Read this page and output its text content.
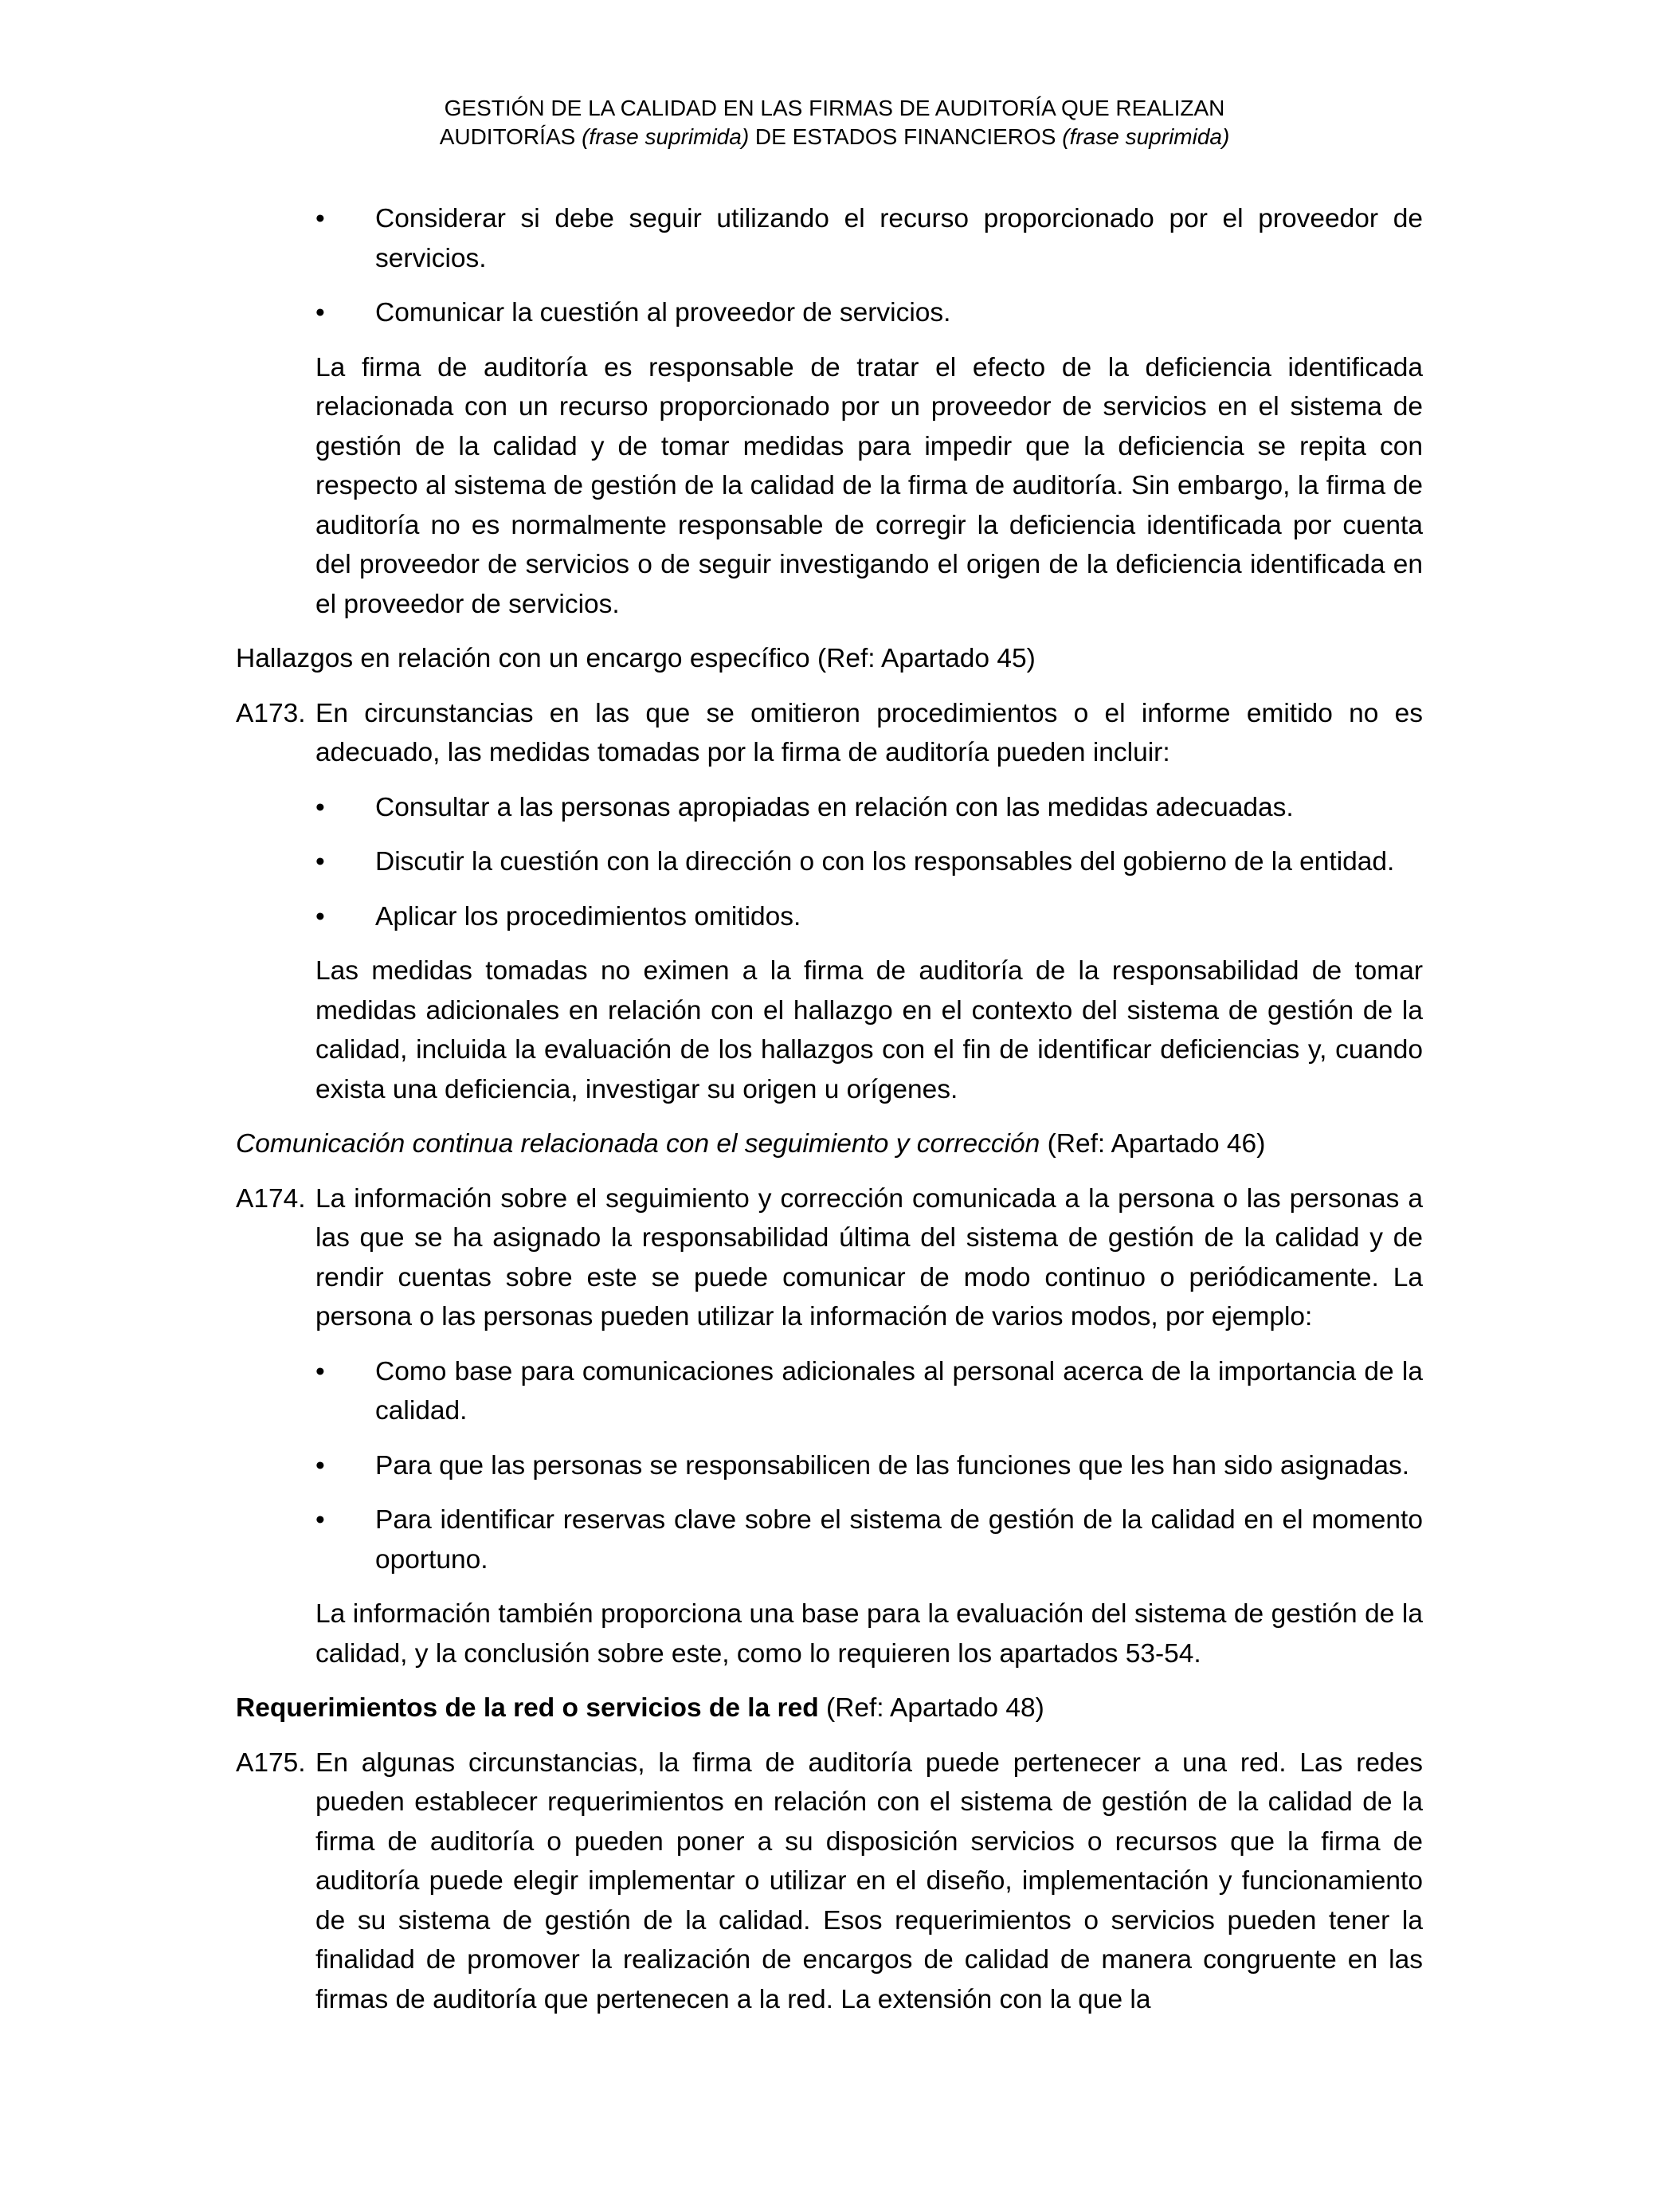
GESTIÓN DE LA CALIDAD EN LAS FIRMAS DE AUDITORÍA QUE REALIZAN
AUDITORÍAS (frase suprimida) DE ESTADOS FINANCIEROS (frase suprimida)
• Considerar si debe seguir utilizando el recurso proporcionado por el proveedor de servicios.
• Comunicar la cuestión al proveedor de servicios.
La firma de auditoría es responsable de tratar el efecto de la deficiencia identificada relacionada con un recurso proporcionado por un proveedor de servicios en el sistema de gestión de la calidad y de tomar medidas para impedir que la deficiencia se repita con respecto al sistema de gestión de la calidad de la firma de auditoría. Sin embargo, la firma de auditoría no es normalmente responsable de corregir la deficiencia identificada por cuenta del proveedor de servicios o de seguir investigando el origen de la deficiencia identificada en el proveedor de servicios.
Hallazgos en relación con un encargo específico (Ref: Apartado 45)
A173. En circunstancias en las que se omitieron procedimientos o el informe emitido no es adecuado, las medidas tomadas por la firma de auditoría pueden incluir:
• Consultar a las personas apropiadas en relación con las medidas adecuadas.
• Discutir la cuestión con la dirección o con los responsables del gobierno de la entidad.
• Aplicar los procedimientos omitidos.
Las medidas tomadas no eximen a la firma de auditoría de la responsabilidad de tomar medidas adicionales en relación con el hallazgo en el contexto del sistema de gestión de la calidad, incluida la evaluación de los hallazgos con el fin de identificar deficiencias y, cuando exista una deficiencia, investigar su origen u orígenes.
Comunicación continua relacionada con el seguimiento y corrección (Ref: Apartado 46)
A174. La información sobre el seguimiento y corrección comunicada a la persona o las personas a las que se ha asignado la responsabilidad última del sistema de gestión de la calidad y de rendir cuentas sobre este se puede comunicar de modo continuo o periódicamente. La persona o las personas pueden utilizar la información de varios modos, por ejemplo:
• Como base para comunicaciones adicionales al personal acerca de la importancia de la calidad.
• Para que las personas se responsabilicen de las funciones que les han sido asignadas.
• Para identificar reservas clave sobre el sistema de gestión de la calidad en el momento oportuno.
La información también proporciona una base para la evaluación del sistema de gestión de la calidad, y la conclusión sobre este, como lo requieren los apartados 53-54.
Requerimientos de la red o servicios de la red (Ref: Apartado 48)
A175. En algunas circunstancias, la firma de auditoría puede pertenecer a una red. Las redes pueden establecer requerimientos en relación con el sistema de gestión de la calidad de la firma de auditoría o pueden poner a su disposición servicios o recursos que la firma de auditoría puede elegir implementar o utilizar en el diseño, implementación y funcionamiento de su sistema de gestión de la calidad. Esos requerimientos o servicios pueden tener la finalidad de promover la realización de encargos de calidad de manera congruente en las firmas de auditoría que pertenecen a la red. La extensión con la que la
